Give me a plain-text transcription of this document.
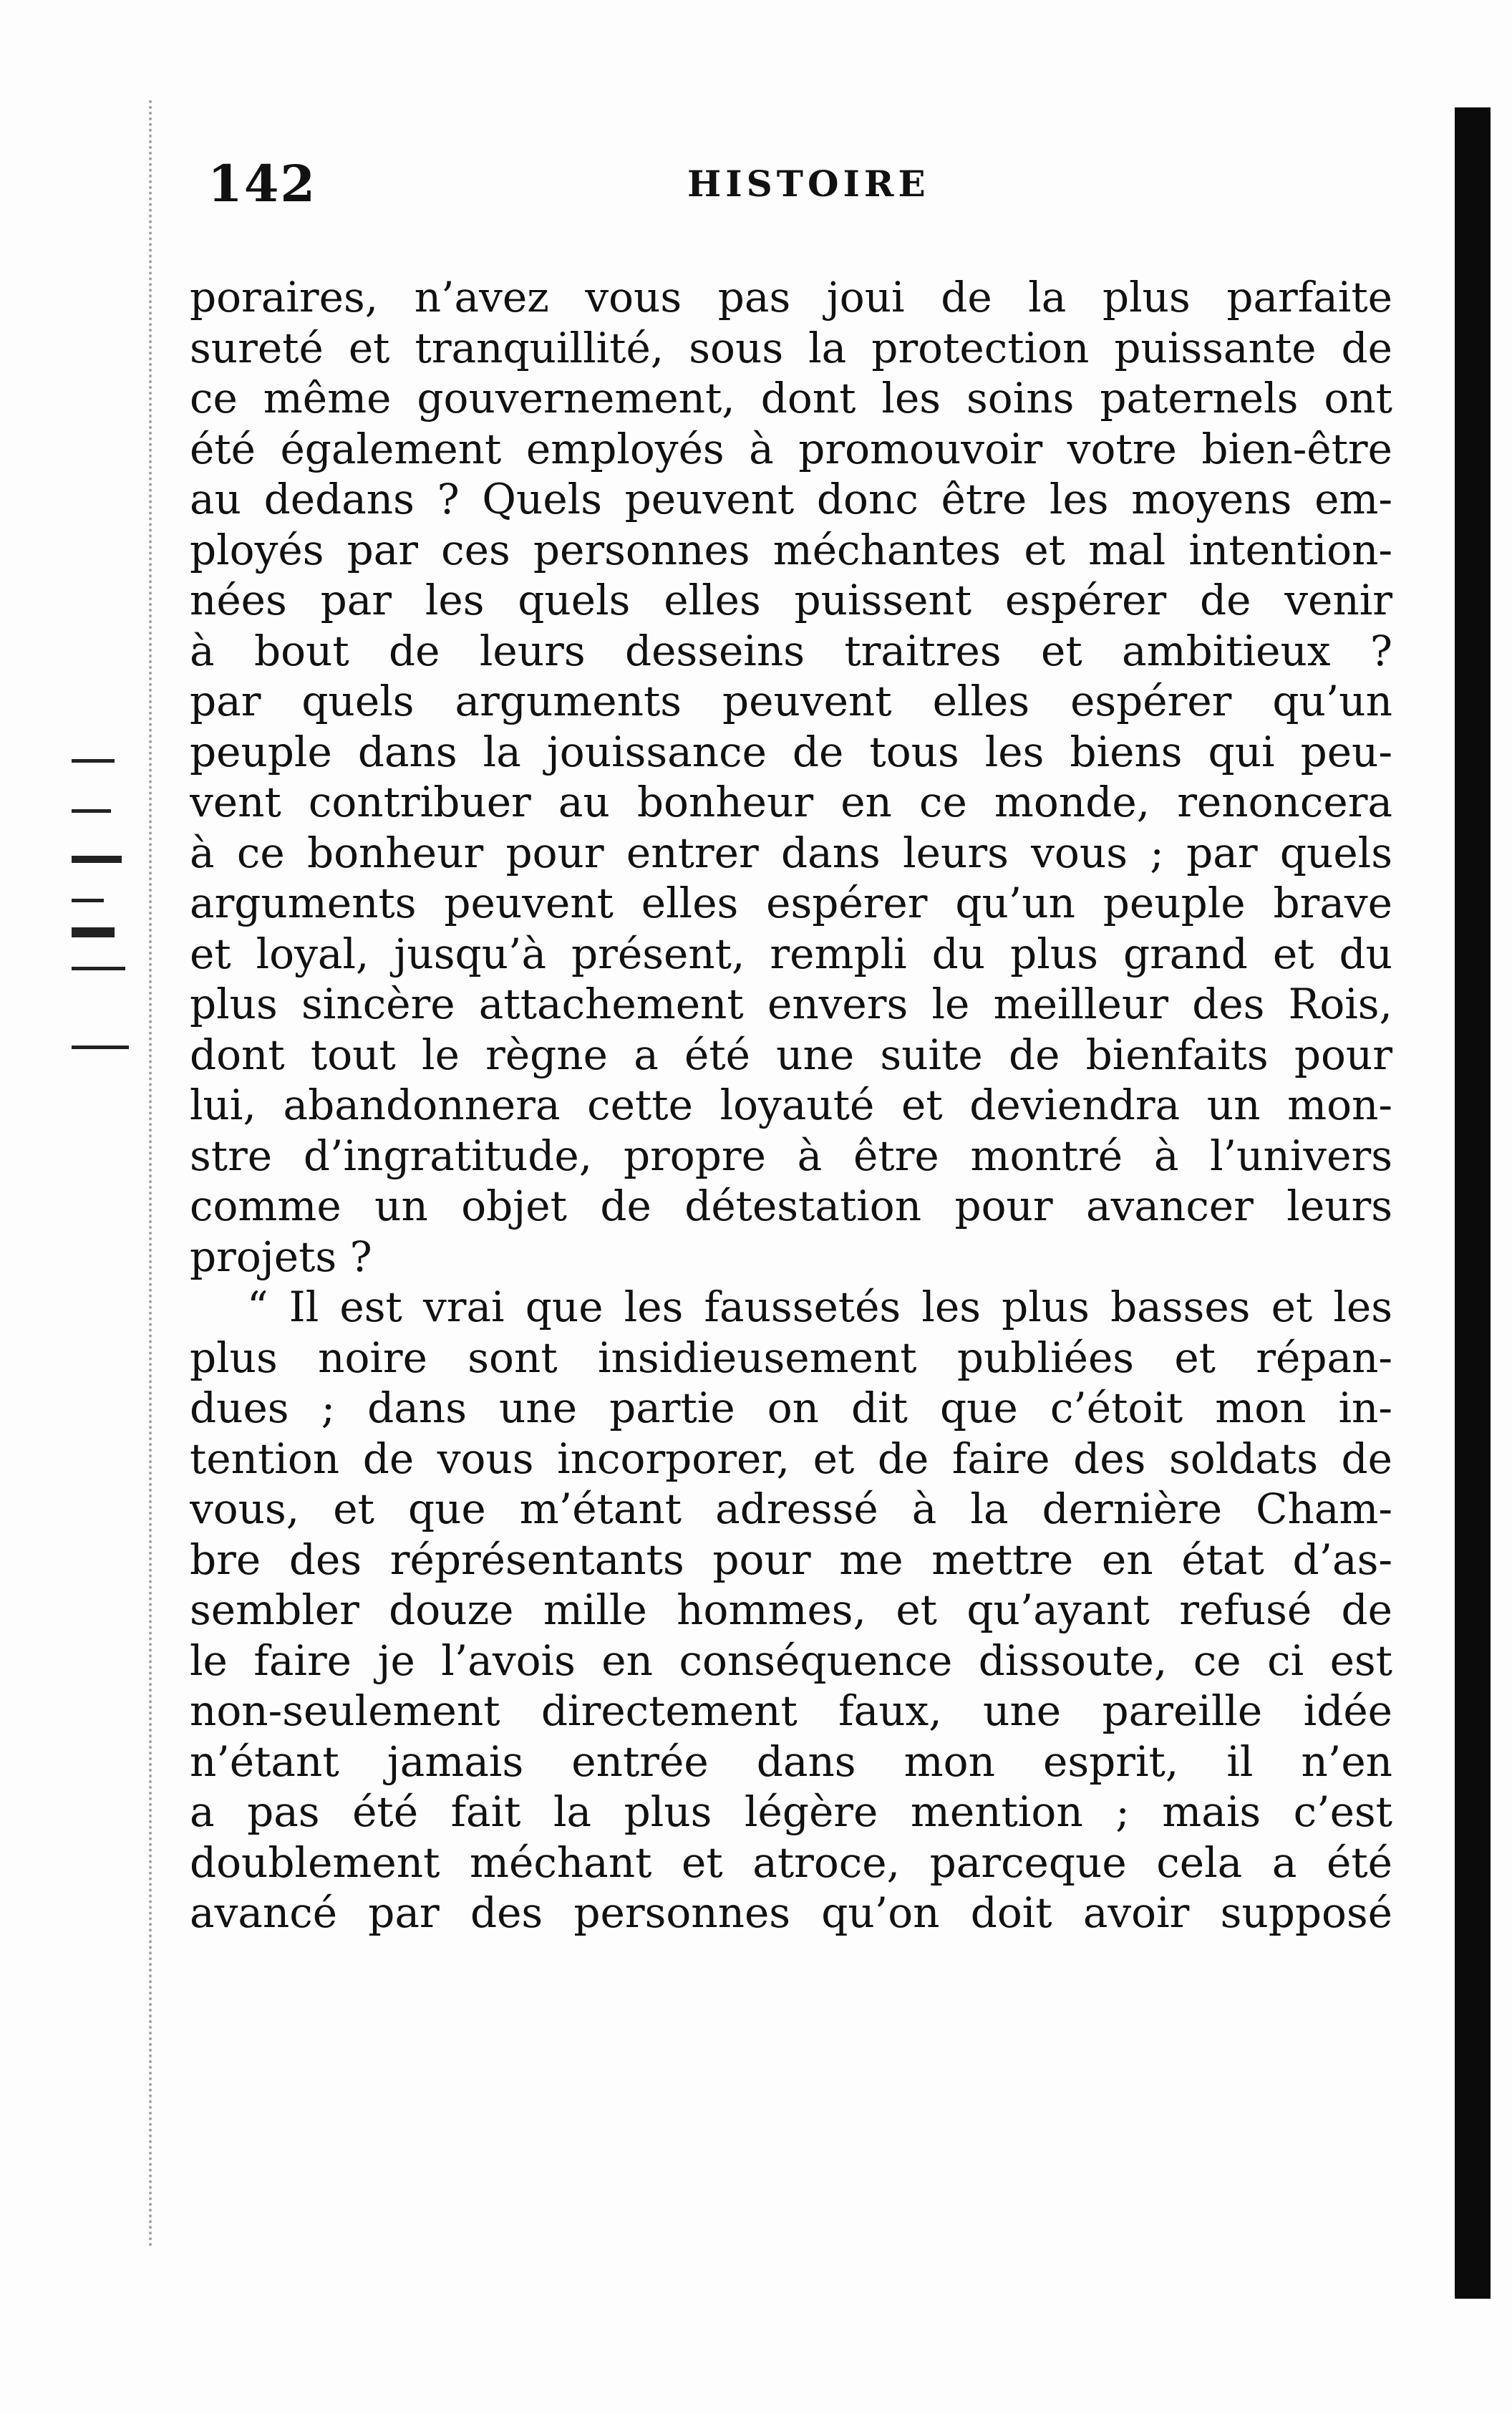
142	HISTOIRE
poraires, n’avez vous pas joui de la plus parfaite
sureté et tranquillité, sous la protection puissante de
ce même gouvernement, dont les soins paternels ont
été également employés à promouvoir votre bien-être
au dedans ? Quels peuvent donc être les moyens em-
ployés par ces personnes méchantes et mal intention-
nées par les quels elles puissent espérer de venir
à bout de leurs desseins traitres et ambitieux ?
par quels arguments peuvent elles espérer qu’un
peuple dans la jouissance de tous les biens qui peu-
vent contribuer au bonheur en ce monde, renoncera
à ce bonheur pour entrer dans leurs vous ; par quels
arguments peuvent elles espérer qu’un peuple brave
et loyal, jusqu’à présent, rempli du plus grand et du
plus sincère attachement envers le meilleur des Rois,
dont tout le règne a été une suite de bienfaits pour
lui, abandonnera cette loyauté et deviendra un mon-
stre d’ingratitude, propre à être montré à l’univers
comme un objet de détestation pour avancer leurs
projets ?
“ Il est vrai que les faussetés les plus basses et les
plus noire sont insidieusement publiées et répan-
dues ; dans une partie on dit que c’étoit mon in-
tention de vous incorporer, et de faire des soldats de
vous, et que m’étant adressé à la dernière Cham-
bre des réprésentants pour me mettre en état d’as-
sembler douze mille hommes, et qu’ayant refusé de
le faire je l’avois en conséquence dissoute, ce ci est
non-seulement directement faux, une pareille idée
n’étant jamais entrée dans mon esprit, il n’en
a pas été fait la plus légère mention ; mais c’est
doublement méchant et atroce, parceque cela a été
avancé par des personnes qu’on doit avoir supposé
